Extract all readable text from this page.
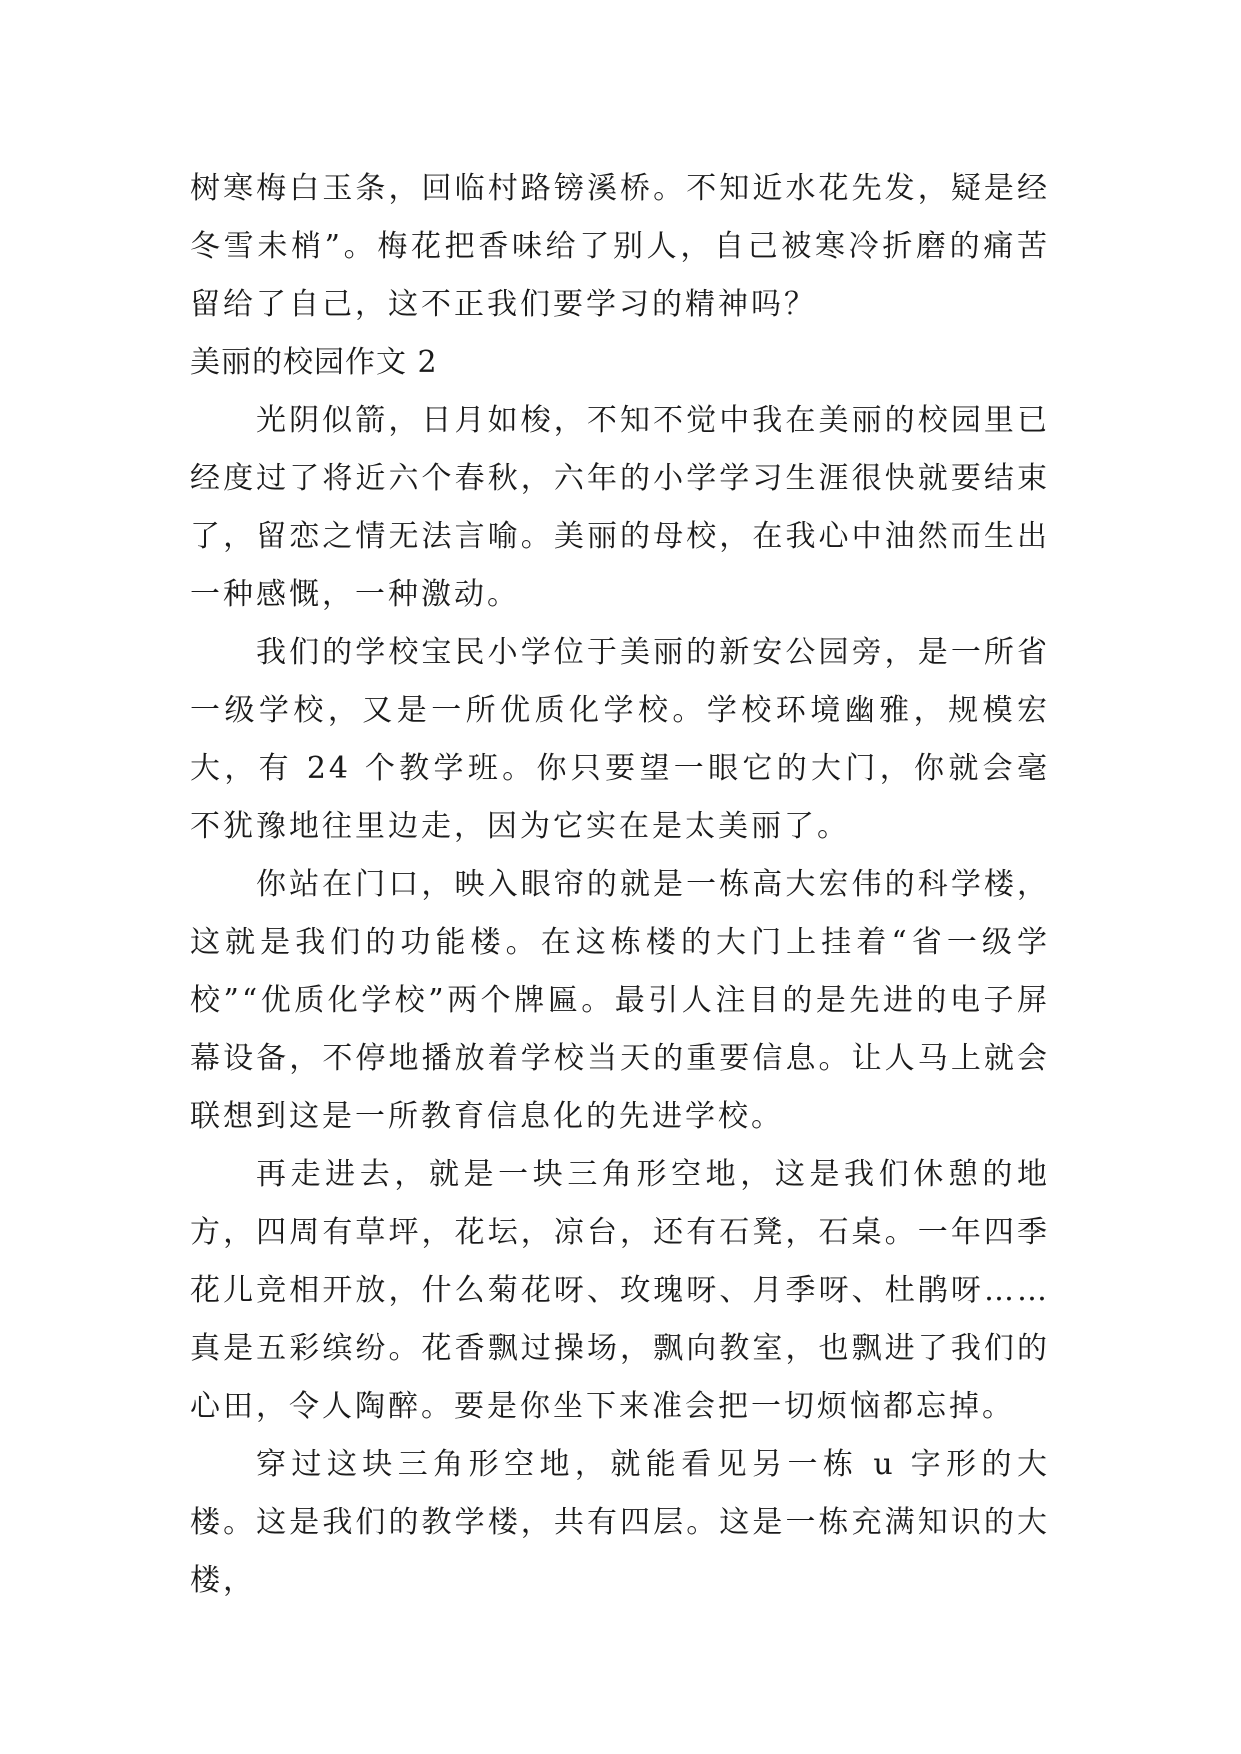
树寒梅白玉条，回临村路镑溪桥。不知近水花先发，疑是经冬雪未梢”。梅花把香味给了别人，自己被寒冷折磨的痛苦留给了自己，这不正我们要学习的精神吗？

美丽的校园作文 2

光阴似箭，日月如梭，不知不觉中我在美丽的校园里已经度过了将近六个春秋，六年的小学学习生涯很快就要结束了，留恋之情无法言喻。美丽的母校，在我心中油然而生出一种感慨，一种激动。

我们的学校宝民小学位于美丽的新安公园旁，是一所省一级学校，又是一所优质化学校。学校环境幽雅，规模宏大，有 24 个教学班。你只要望一眼它的大门，你就会毫不犹豫地往里边走，因为它实在是太美丽了。

你站在门口，映入眼帘的就是一栋高大宏伟的科学楼，这就是我们的功能楼。在这栋楼的大门上挂着“省一级学校”“优质化学校”两个牌匾。最引人注目的是先进的电子屏幕设备，不停地播放着学校当天的重要信息。让人马上就会联想到这是一所教育信息化的先进学校。

再走进去，就是一块三角形空地，这是我们休憩的地方，四周有草坪，花坛，凉台，还有石凳，石桌。一年四季花儿竞相开放，什么菊花呀、玫瑰呀、月季呀、杜鹃呀……真是五彩缤纷。花香飘过操场，飘向教室，也飘进了我们的心田，令人陶醉。要是你坐下来准会把一切烦恼都忘掉。

穿过这块三角形空地，就能看见另一栋 u 字形的大楼。这是我们的教学楼，共有四层。这是一栋充满知识的大楼，
